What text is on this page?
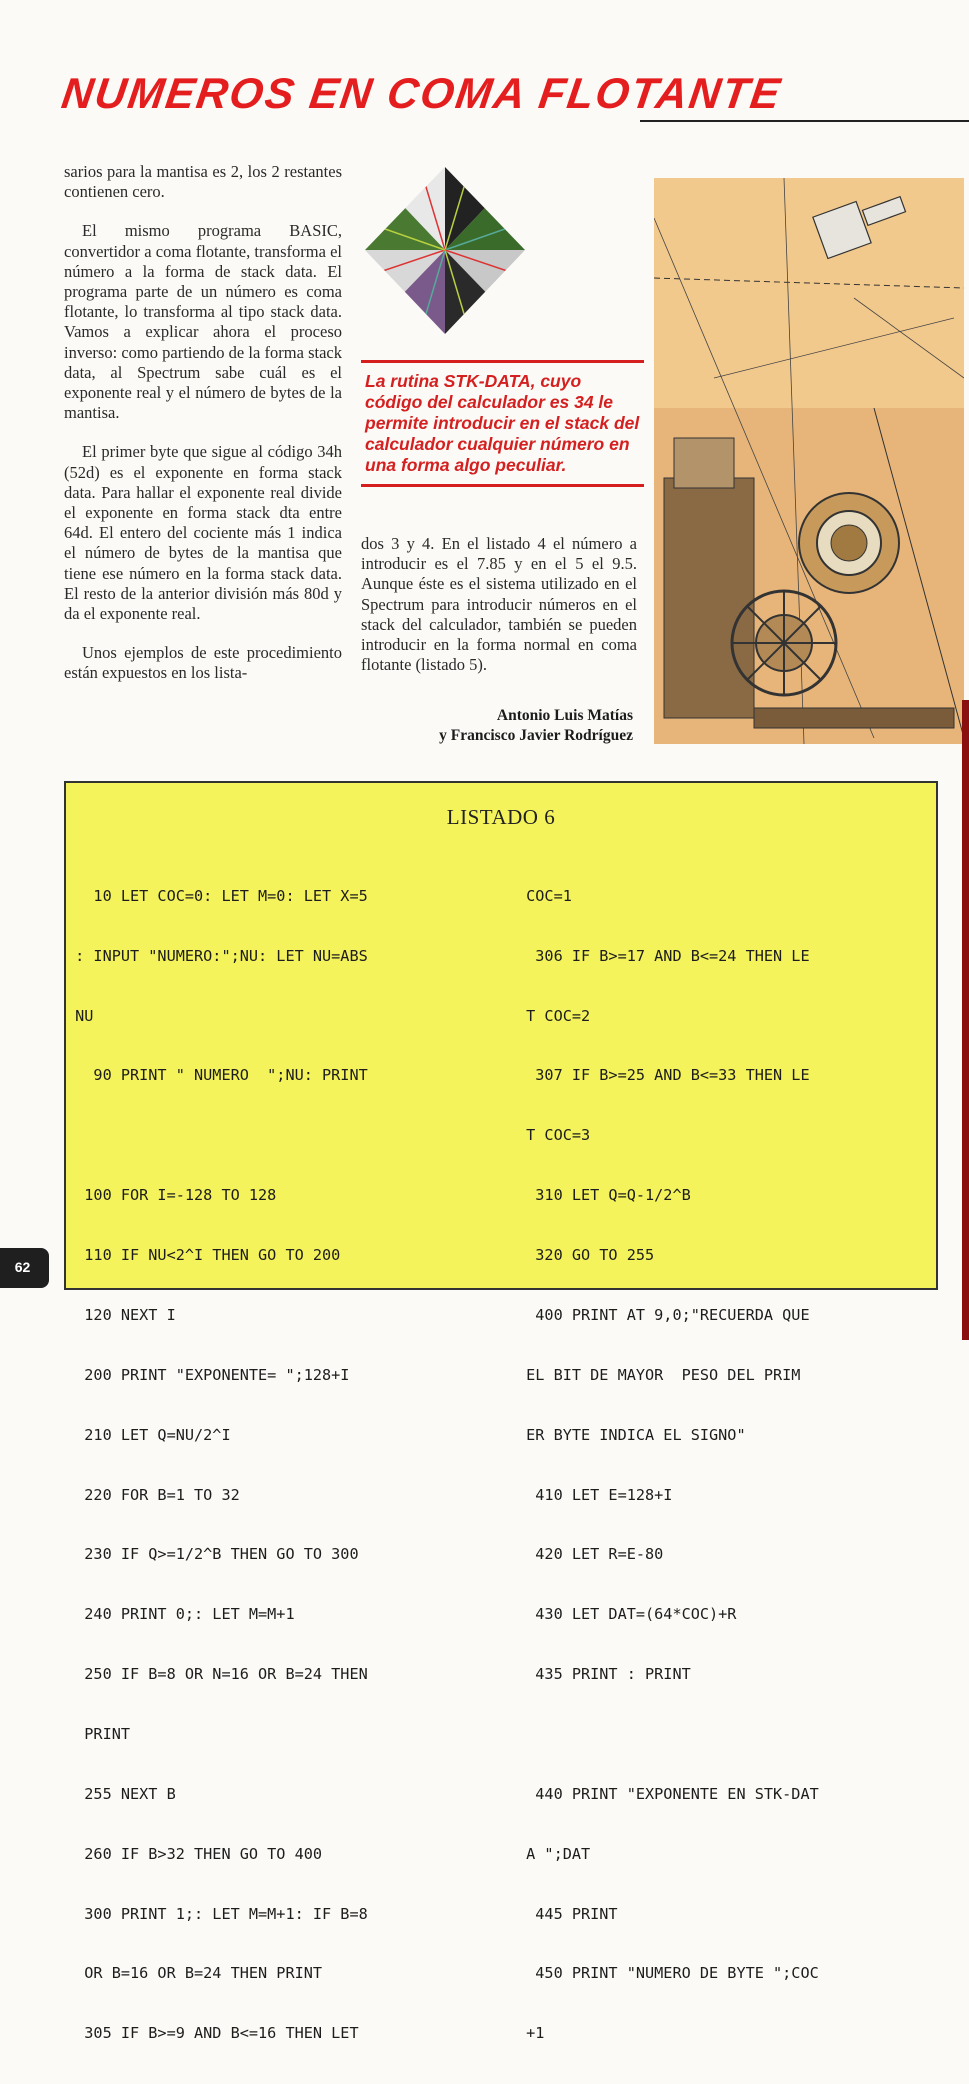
NUMEROS EN COMA FLOTANTE

sarios para la mantisa es 2, los 2 restantes contienen cero.

El mismo programa BASIC, convertidor a coma flotante, transforma el número a la forma de stack data. El programa parte de un número es coma flotante, lo transforma al tipo stack data. Vamos a explicar ahora el proceso inverso: como partiendo de la forma stack data, al Spectrum sabe cuál es el exponente real y el número de bytes de la mantisa.

El primer byte que sigue al código 34h (52d) es el exponente en forma stack data. Para hallar el exponente real divide el exponente en forma stack dta entre 64d. El entero del cociente más 1 indica el número de bytes de la mantisa que tiene ese número en la forma stack data. El resto de la anterior división más 80d y da el exponente real.

Unos ejemplos de este procedimiento están expuestos en los lista-

La rutina STK-DATA, cuyo código del calculador es 34 le permite introducir en el stack del calculador cualquier número en una forma algo peculiar.

dos 3 y 4. En el listado 4 el número a introducir es el 7.85 y en el 5 el 9.5. Aunque éste es el sistema utilizado en el Spectrum para introducir números en el stack del calculador, también se pueden introducir en la forma normal en coma flotante (listado 5).

Antonio Luis Matías
y Francisco Javier Rodríguez
LISTADO 6

10 LET COC=0: LET M=0: LET X=5

: INPUT "NUMERO:";NU: LET NU=ABS

NU

90 PRINT " NUMERO  ";NU: PRINT

100 FOR I=-128 TO 128

110 IF NU<2^I THEN GO TO 200

120 NEXT I

200 PRINT "EXPONENTE= ";128+I

210 LET Q=NU/2^I

220 FOR B=1 TO 32

230 IF Q>=1/2^B THEN GO TO 300

240 PRINT 0;: LET M=M+1

250 IF B=8 OR N=16 OR B=24 THEN

PRINT

255 NEXT B

260 IF B>32 THEN GO TO 400

300 PRINT 1;: LET M=M+1: IF B=8

OR B=16 OR B=24 THEN PRINT

305 IF B>=9 AND B<=16 THEN LET

COC=1

306 IF B>=17 AND B<=24 THEN LE

T COC=2

307 IF B>=25 AND B<=33 THEN LE

T COC=3

310 LET Q=Q-1/2^B

320 GO TO 255

400 PRINT AT 9,0;"RECUERDA QUE

EL BIT DE MAYOR  PESO DEL PRIM

ER BYTE INDICA EL SIGNO"

410 LET E=128+I

420 LET R=E-80

430 LET DAT=(64*COC)+R

435 PRINT : PRINT

440 PRINT "EXPONENTE EN STK-DAT

A ";DAT

445 PRINT

450 PRINT "NUMERO DE BYTE ";COC

+1

62
